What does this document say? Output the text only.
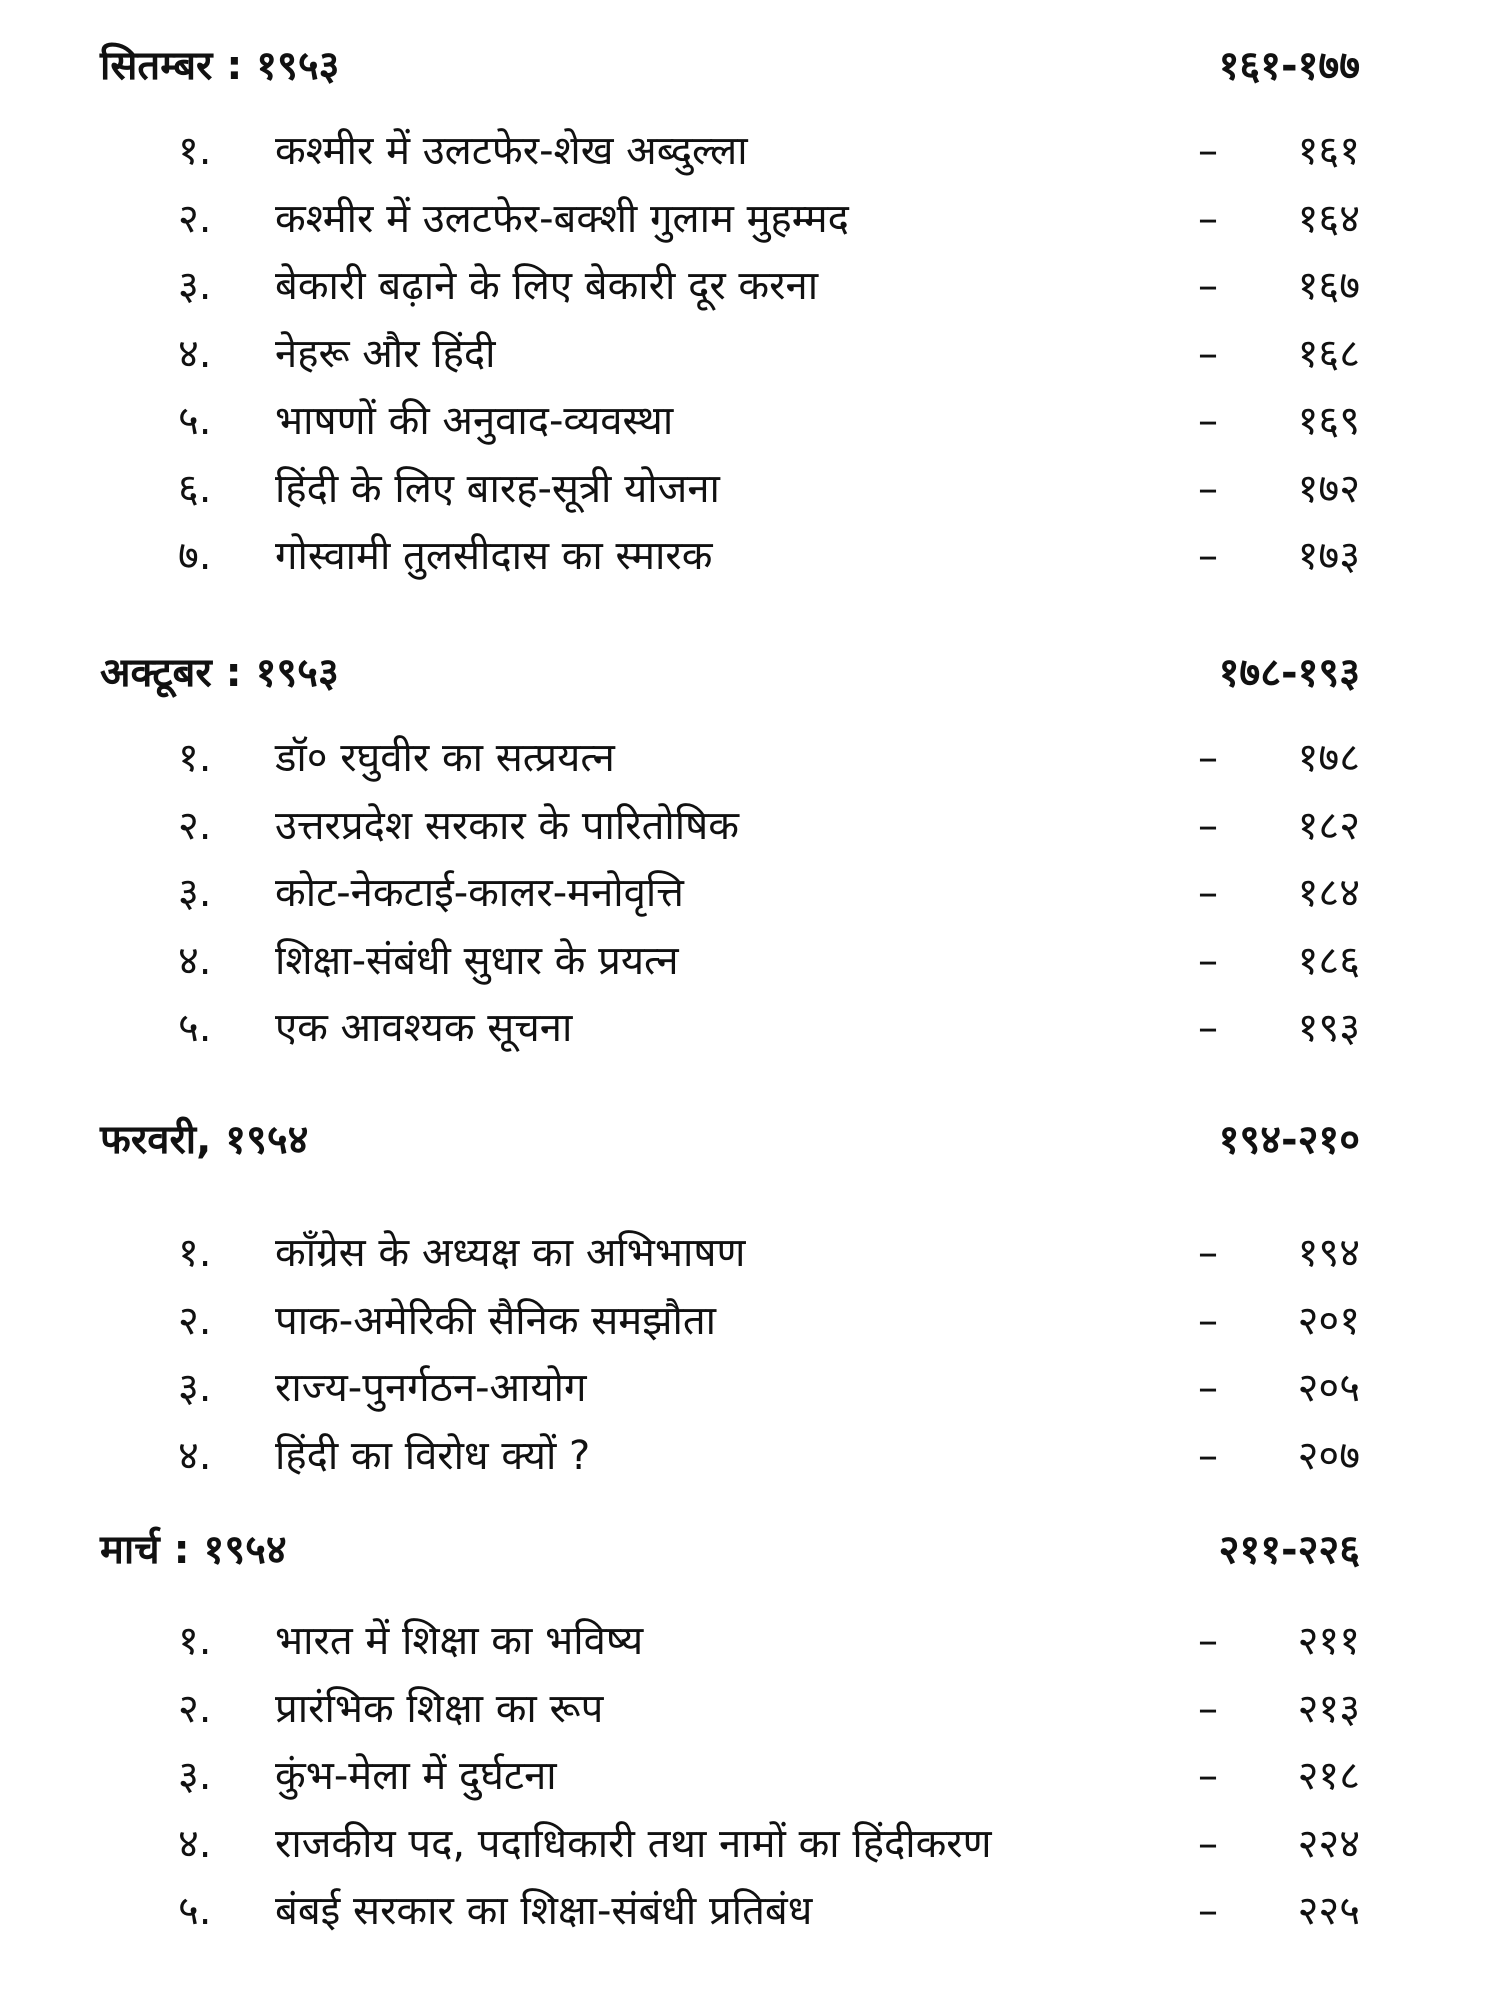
सितम्बर : १९५३	१६१-१७७
१. कश्मीर में उलटफेर-शेख अब्दुल्ला	– १६१
२. कश्मीर में उलटफेर-बक्शी गुलाम मुहम्मद	– १६४
३. बेकारी बढ़ाने के लिए बेकारी दूर करना	– १६७
४. नेहरू और हिंदी	– १६८
५. भाषणों की अनुवाद-व्यवस्था	– १६९
६. हिंदी के लिए बारह-सूत्री योजना	– १७२
७. गोस्वामी तुलसीदास का स्मारक	– १७३
अक्टूबर : १९५३	१७८-१९३
१. डॉ० रघुवीर का सत्प्रयत्न	– १७८
२. उत्तरप्रदेश सरकार के पारितोषिक	– १८२
३. कोट-नेकटाई-कालर-मनोवृत्ति	– १८४
४. शिक्षा-संबंधी सुधार के प्रयत्न	– १८६
५. एक आवश्यक सूचना	– १९३
फरवरी, १९५४	१९४-२१०
१. काँग्रेस के अध्यक्ष का अभिभाषण	– १९४
२. पाक-अमेरिकी सैनिक समझौता	– २०१
३. राज्य-पुनर्गठन-आयोग	– २०५
४. हिंदी का विरोध क्यों ?	– २०७
मार्च : १९५४	२११-२२६
१. भारत में शिक्षा का भविष्य	– २११
२. प्रारंभिक शिक्षा का रूप	– २१३
३. कुंभ-मेला में दुर्घटना	– २१८
४. राजकीय पद, पदाधिकारी तथा नामों का हिंदीकरण	– २२४
५. बंबई सरकार का शिक्षा-संबंधी प्रतिबंध	– २२५
